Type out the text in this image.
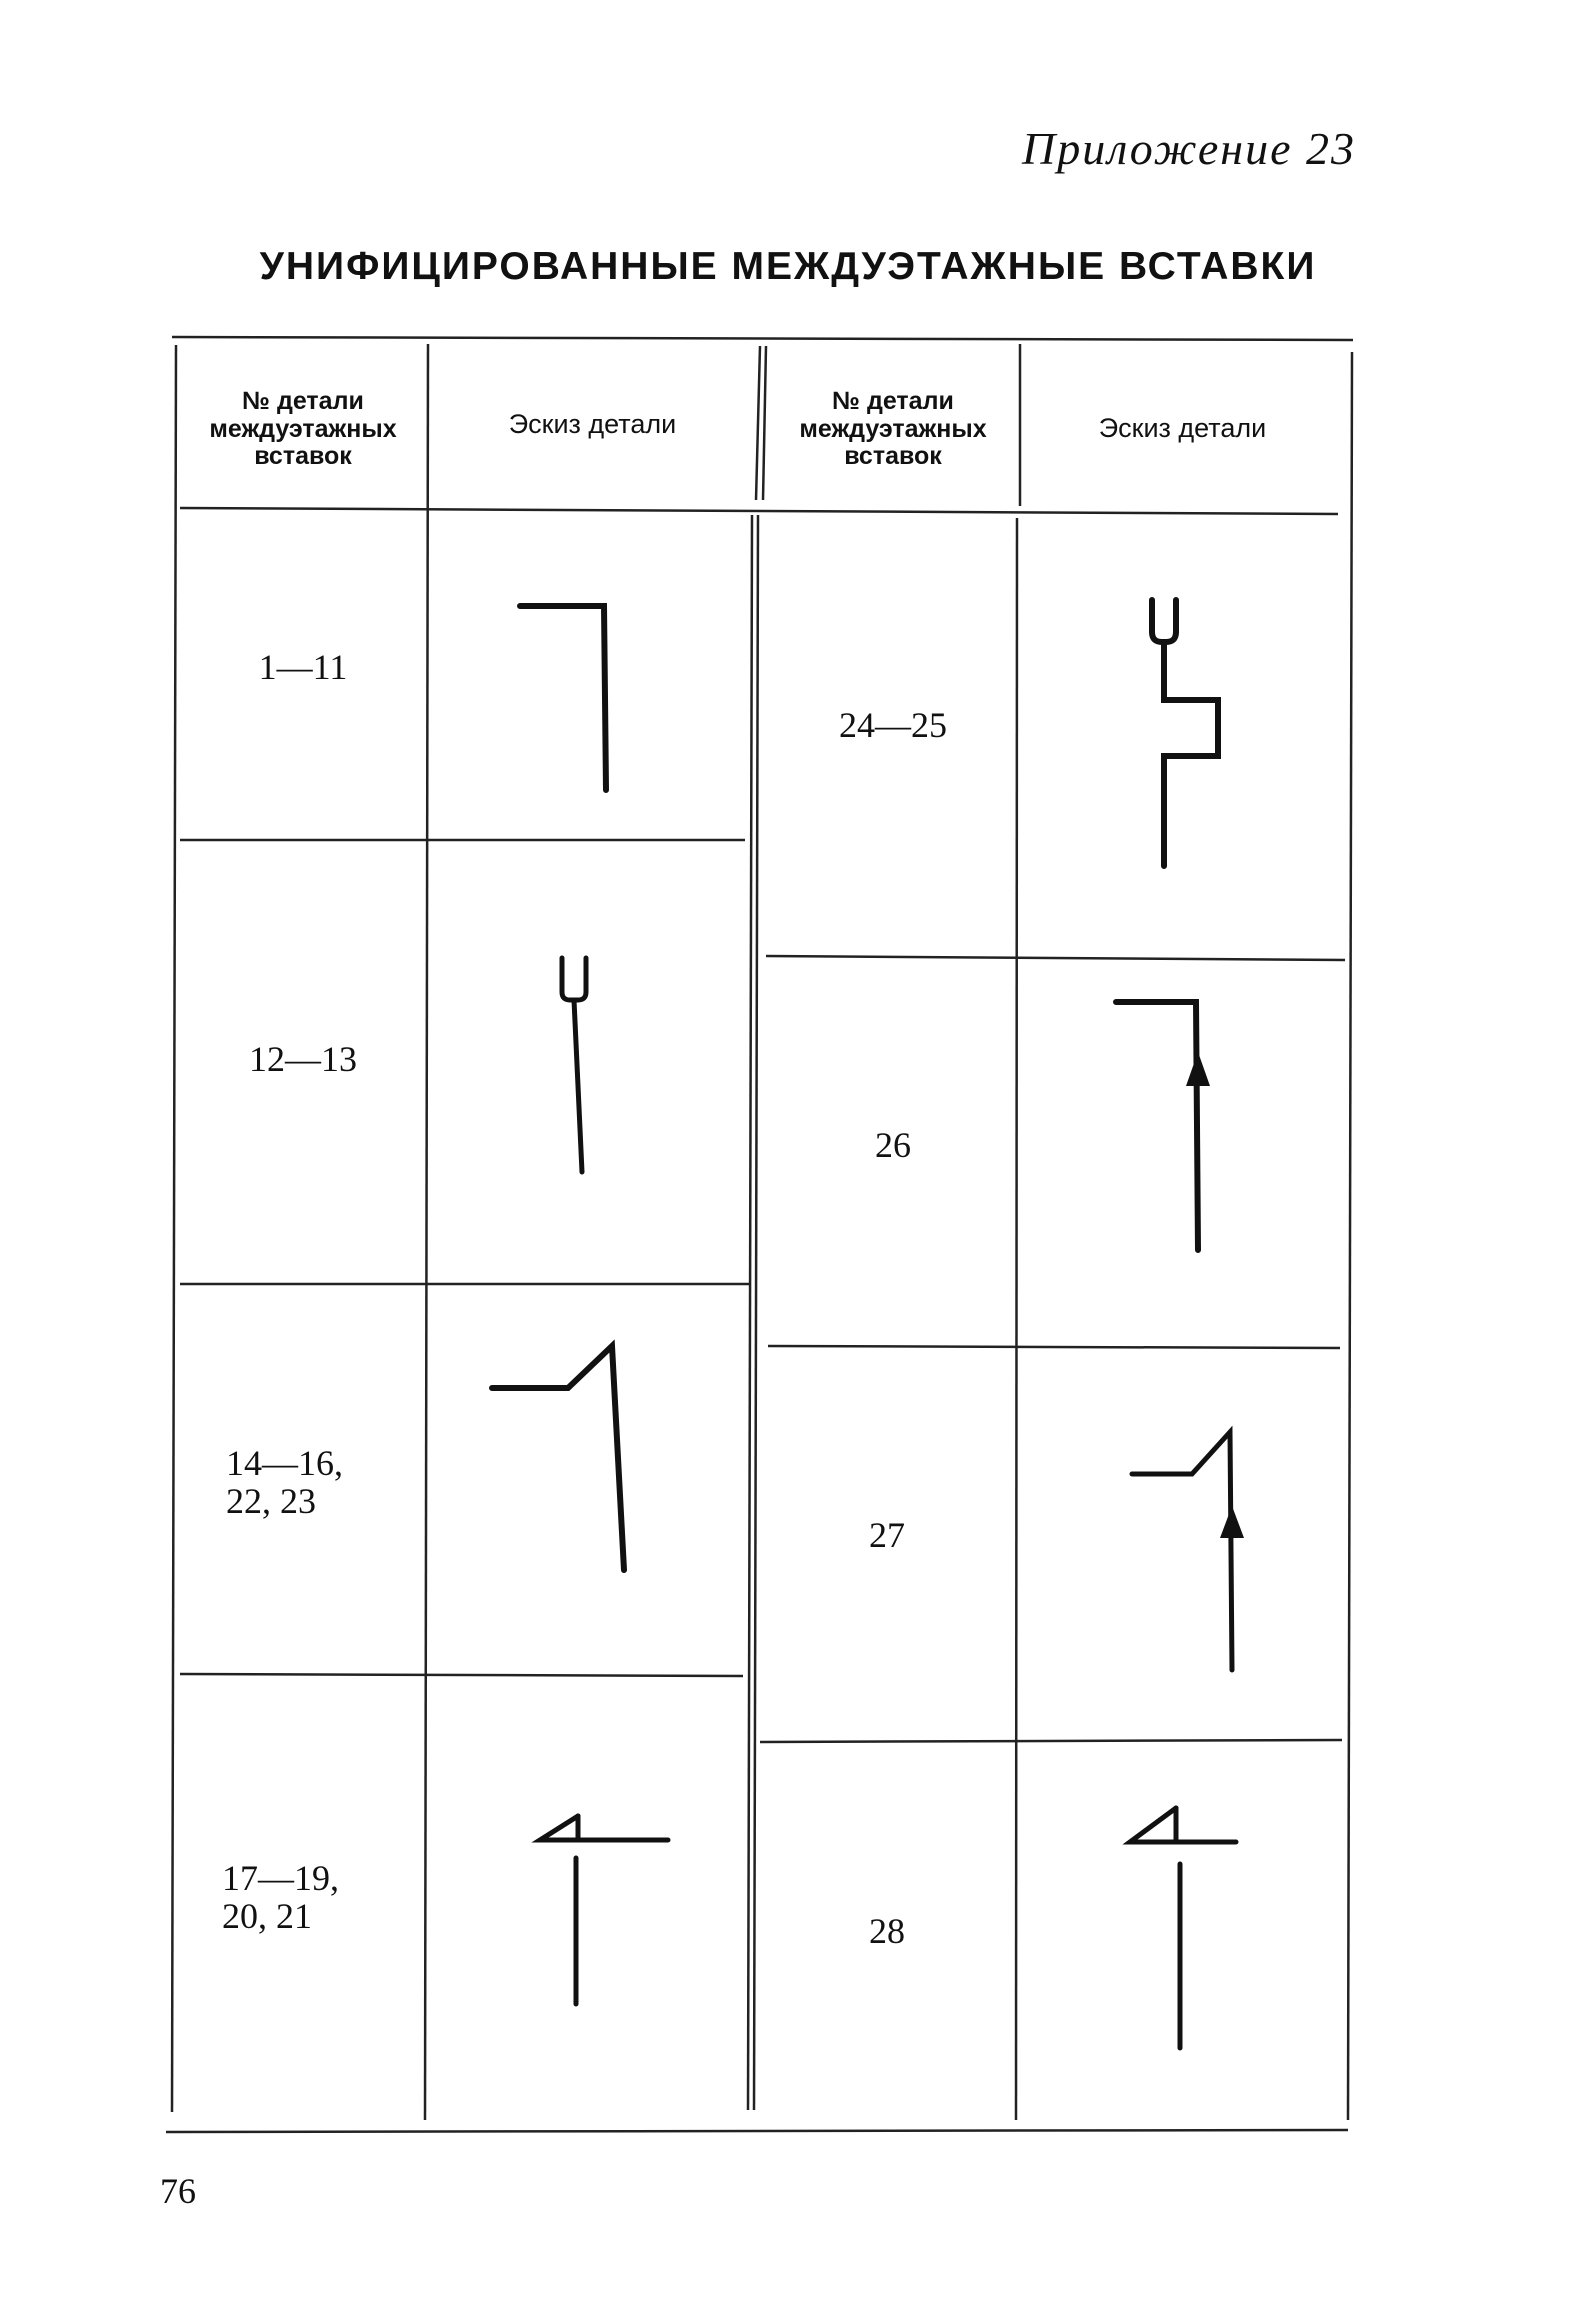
Приложение 23
УНИФИЦИРОВАННЫЕ МЕЖДУЭТАЖНЫЕ ВСТАВКИ
№ детали
междуэтажных
вставок
Эскиз детали
№ детали
междуэтажных
вставок
Эскиз детали
1—11
12—13
14—16,
22, 23
17—19,
20, 21
24—25
26
27
28
76
